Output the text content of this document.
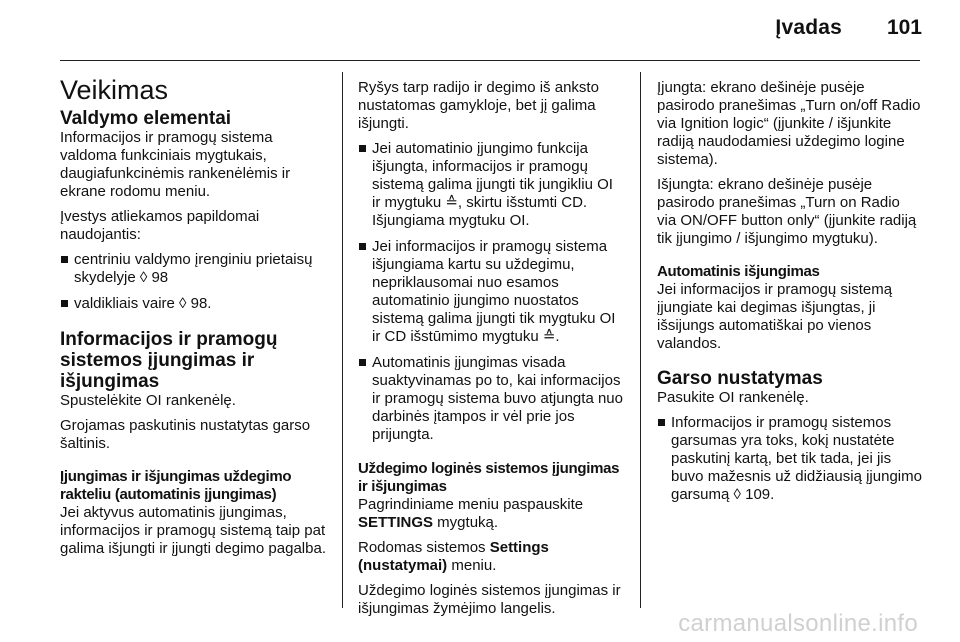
Įvadas 101
Veikimas
Valdymo elementai

Informacijos ir pramogų sistema valdoma funkciniais mygtukais, daugiafunkcinėmis rankenėlėmis ir ekrane rodomu meniu.

Įvestys atliekamos papildomai naudojantis:

centriniu valdymo įrenginiu prietaisų skydelyje ◊ 98
valdikliais vaire ◊ 98.
Informacijos ir pramogų sistemos įjungimas ir išjungimas

Spustelėkite OI rankenėlę.

Grojamas paskutinis nustatytas garso šaltinis.

Įjungimas ir išjungimas uždegimo rakteliu (automatinis įjungimas)

Jei aktyvus automatinis įjungimas, informacijos ir pramogų sistemą taip pat galima išjungti ir įjungti degimo pagalba.

Ryšys tarp radijo ir degimo iš anksto nustatomas gamykloje, bet jį galima išjungti.

Jei automatinio įjungimo funkcija išjungta, informacijos ir pramogų sistemą galima įjungti tik jungikliu OI ir mygtuku ≙, skirtu išstumti CD. Išjungiama mygtuku OI.
Jei informacijos ir pramogų sistema išjungiama kartu su uždegimu, nepriklausomai nuo esamos automatinio įjungimo nuostatos sistemą galima įjungti tik mygtuku OI ir CD išstūmimo mygtuku ≙.
Automatinis įjungimas visada suaktyvinamas po to, kai informacijos ir pramogų sistema buvo atjungta nuo darbinės įtampos ir vėl prie jos prijungta.
Uždegimo loginės sistemos įjungimas ir išjungimas

Pagrindiniame meniu paspauskite SETTINGS mygtuką.

Rodomas sistemos Settings (nustatymai) meniu.

Uždegimo loginės sistemos įjungimas ir išjungimas žymėjimo langelis.

Įjungta: ekrano dešinėje pusėje pasirodo pranešimas „Turn on/off Radio via Ignition logic“ (įjunkite / išjunkite radiją naudodamiesi uždegimo logine sistema).

Išjungta: ekrano dešinėje pusėje pasirodo pranešimas „Turn on Radio via ON/OFF button only“ (įjunkite radiją tik įjungimo / išjungimo mygtuku).

Automatinis išjungimas

Jei informacijos ir pramogų sistemą įjungiate kai degimas išjungtas, ji išsijungs automatiškai po vienos valandos.

Garso nustatymas

Pasukite OI rankenėlę.

Informacijos ir pramogų sistemos garsumas yra toks, kokį nustatėte paskutinį kartą, bet tik tada, jei jis buvo mažesnis už didžiausią įjungimo garsumą ◊ 109.
carmanualsonline.info
